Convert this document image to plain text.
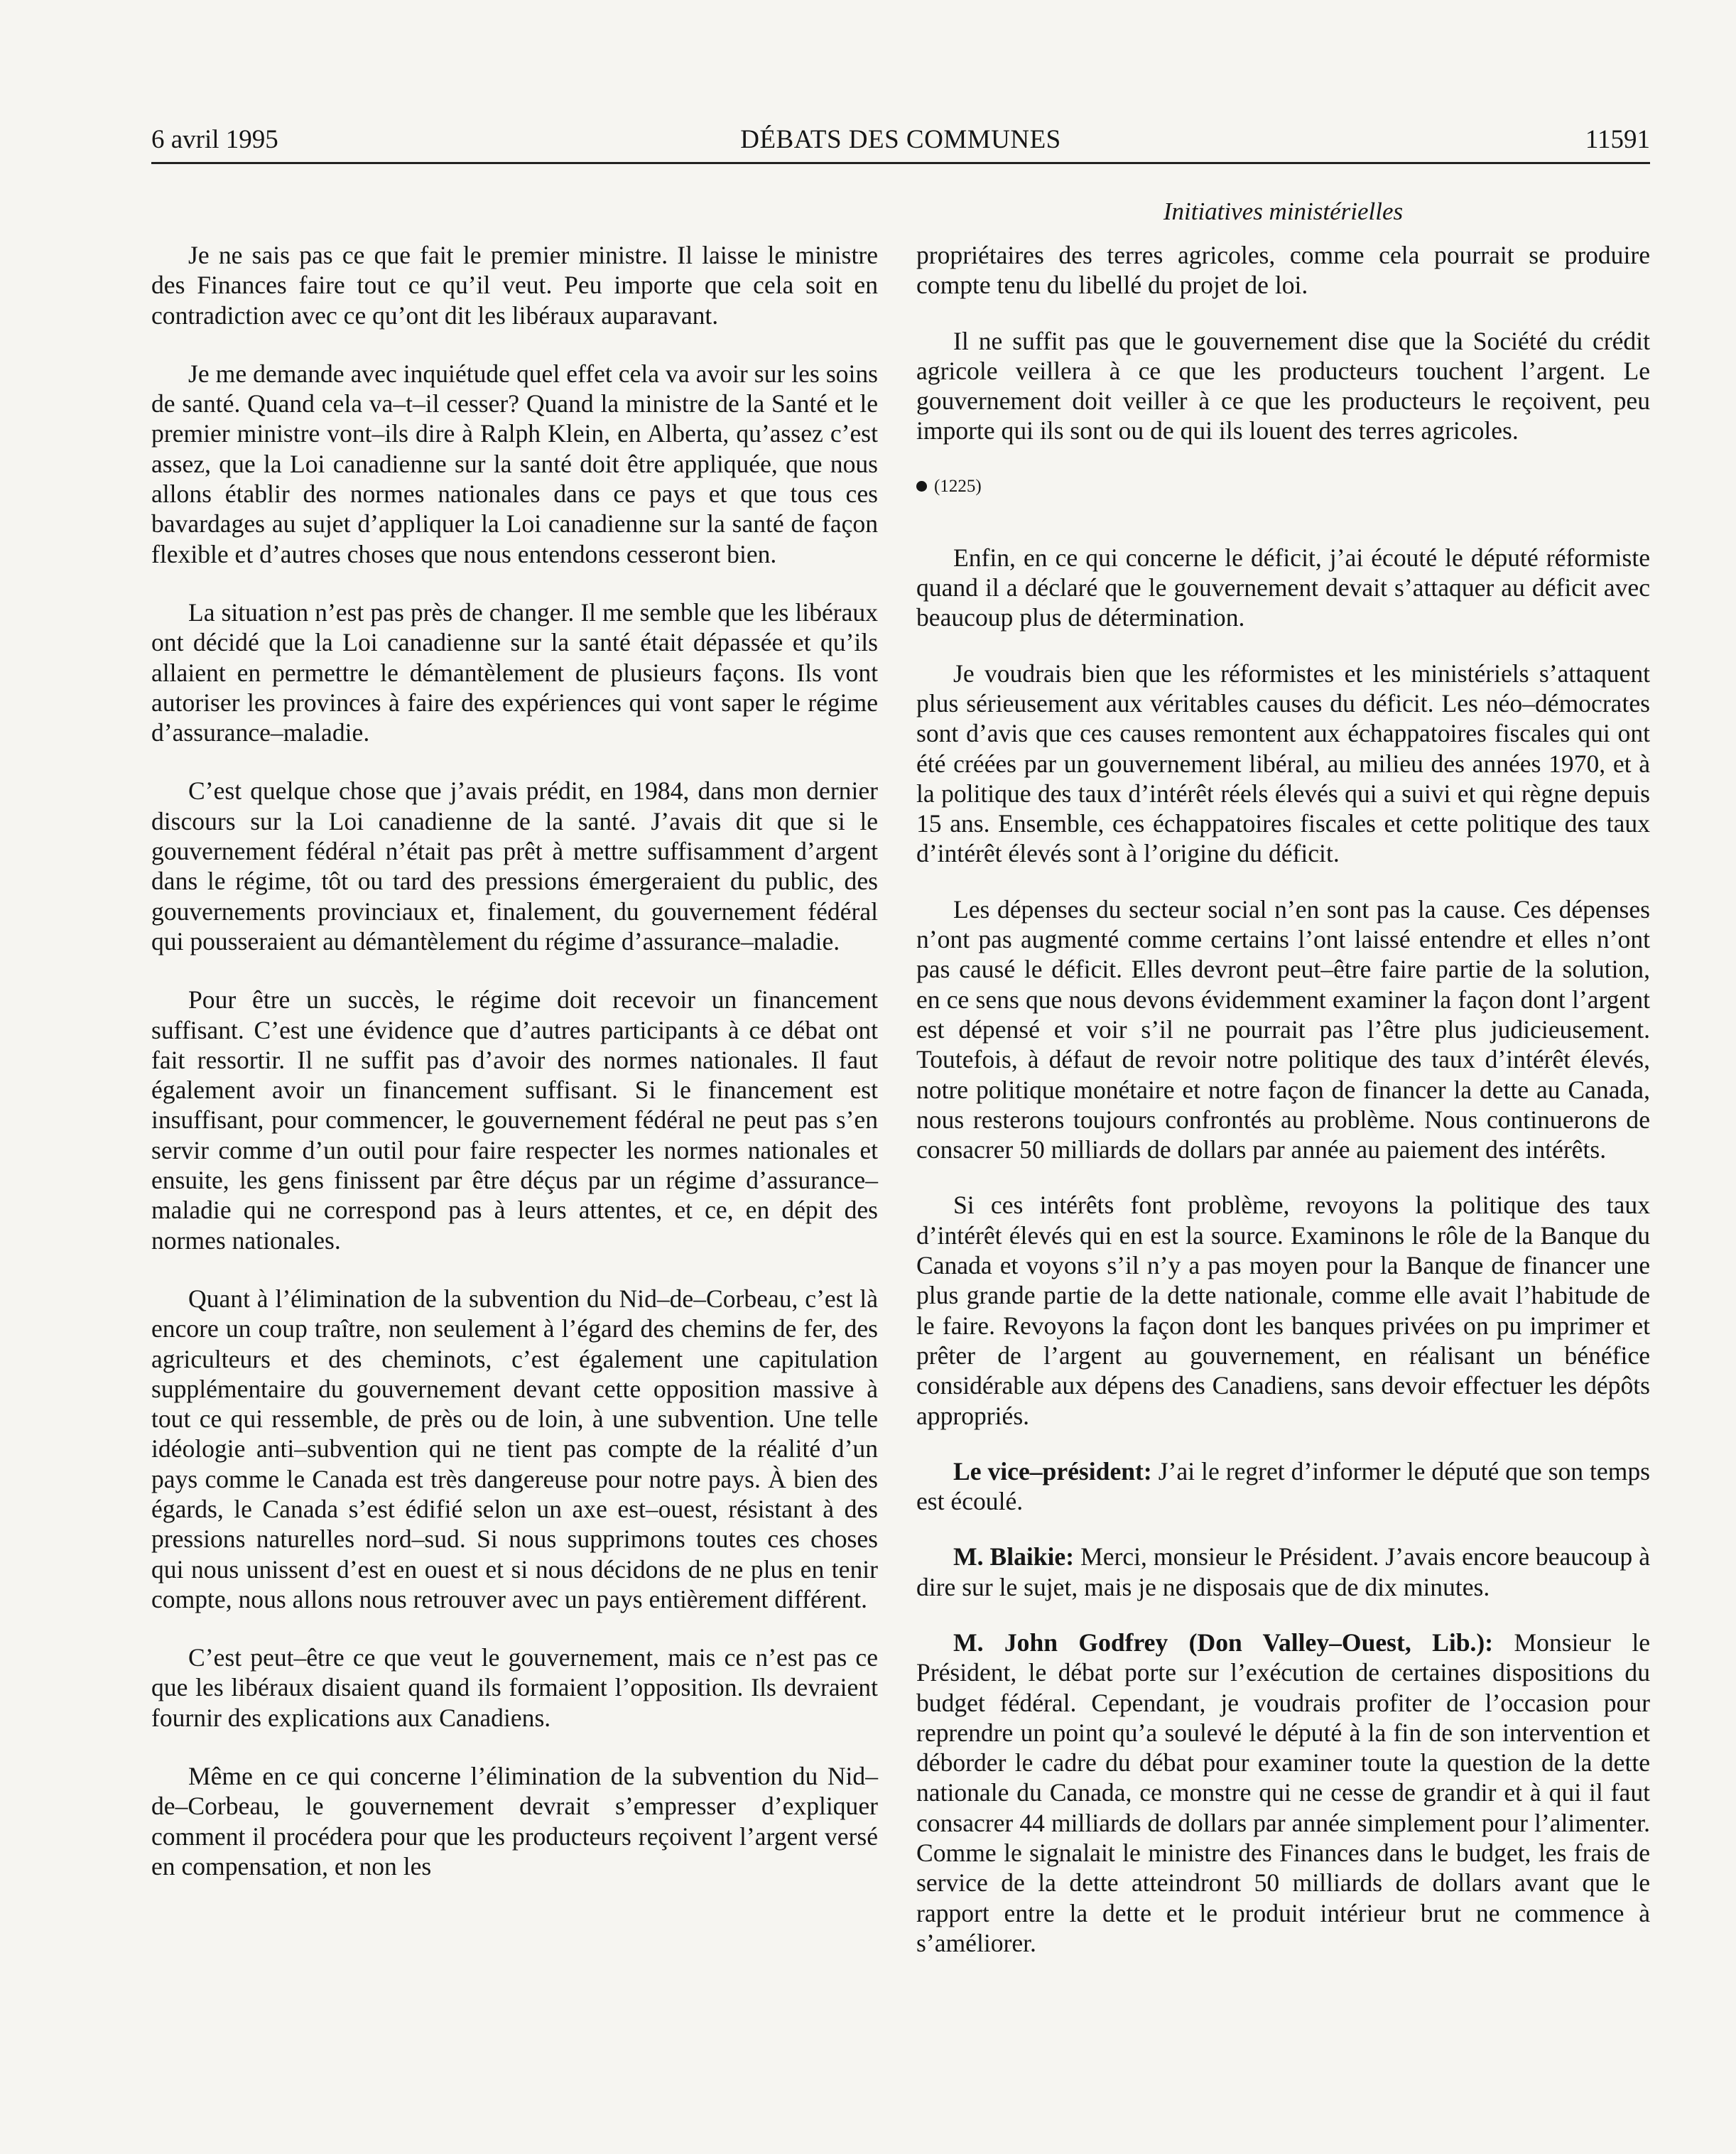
6 avril 1995	DÉBATS DES COMMUNES	11591
Initiatives ministérielles

Je ne sais pas ce que fait le premier ministre. Il laisse le ministre des Finances faire tout ce qu’il veut. Peu importe que cela soit en contradiction avec ce qu’ont dit les libéraux auparavant.

Je me demande avec inquiétude quel effet cela va avoir sur les soins de santé. Quand cela va–t–il cesser? Quand la ministre de la Santé et le premier ministre vont–ils dire à Ralph Klein, en Alberta, qu’assez c’est assez, que la Loi canadienne sur la santé doit être appliquée, que nous allons établir des normes nationales dans ce pays et que tous ces bavardages au sujet d’appliquer la Loi canadienne sur la santé de façon flexible et d’autres choses que nous entendons cesseront bien.

La situation n’est pas près de changer. Il me semble que les libéraux ont décidé que la Loi canadienne sur la santé était dépassée et qu’ils allaient en permettre le démantèlement de plusieurs façons. Ils vont autoriser les provinces à faire des expériences qui vont saper le régime d’assurance–maladie.

C’est quelque chose que j’avais prédit, en 1984, dans mon dernier discours sur la Loi canadienne de la santé. J’avais dit que si le gouvernement fédéral n’était pas prêt à mettre suffisamment d’argent dans le régime, tôt ou tard des pressions émergeraient du public, des gouvernements provinciaux et, finalement, du gouvernement fédéral qui pousseraient au démantèlement du régime d’assurance–maladie.

Pour être un succès, le régime doit recevoir un financement suffisant. C’est une évidence que d’autres participants à ce débat ont fait ressortir. Il ne suffit pas d’avoir des normes nationales. Il faut également avoir un financement suffisant. Si le financement est insuffisant, pour commencer, le gouvernement fédéral ne peut pas s’en servir comme d’un outil pour faire respecter les normes nationales et ensuite, les gens finissent par être déçus par un régime d’assurance–maladie qui ne correspond pas à leurs attentes, et ce, en dépit des normes nationales.

Quant à l’élimination de la subvention du Nid–de–Corbeau, c’est là encore un coup traître, non seulement à l’égard des chemins de fer, des agriculteurs et des cheminots, c’est également une capitulation supplémentaire du gouvernement devant cette opposition massive à tout ce qui ressemble, de près ou de loin, à une subvention. Une telle idéologie anti–subvention qui ne tient pas compte de la réalité d’un pays comme le Canada est très dangereuse pour notre pays. À bien des égards, le Canada s’est édifié selon un axe est–ouest, résistant à des pressions naturelles nord–sud. Si nous supprimons toutes ces choses qui nous unissent d’est en ouest et si nous décidons de ne plus en tenir compte, nous allons nous retrouver avec un pays entièrement différent.

C’est peut–être ce que veut le gouvernement, mais ce n’est pas ce que les libéraux disaient quand ils formaient l’opposition. Ils devraient fournir des explications aux Canadiens.

Même en ce qui concerne l’élimination de la subvention du Nid–de–Corbeau, le gouvernement devrait s’empresser d’expliquer comment il procédera pour que les producteurs reçoivent l’argent versé en compensation, et non les

propriétaires des terres agricoles, comme cela pourrait se produire compte tenu du libellé du projet de loi.

Il ne suffit pas que le gouvernement dise que la Société du crédit agricole veillera à ce que les producteurs touchent l’argent. Le gouvernement doit veiller à ce que les producteurs le reçoivent, peu importe qui ils sont ou de qui ils louent des terres agricoles.

(1225)

Enfin, en ce qui concerne le déficit, j’ai écouté le député réformiste quand il a déclaré que le gouvernement devait s’attaquer au déficit avec beaucoup plus de détermination.

Je voudrais bien que les réformistes et les ministériels s’attaquent plus sérieusement aux véritables causes du déficit. Les néo–démocrates sont d’avis que ces causes remontent aux échappatoires fiscales qui ont été créées par un gouvernement libéral, au milieu des années 1970, et à la politique des taux d’intérêt réels élevés qui a suivi et qui règne depuis 15 ans. Ensemble, ces échappatoires fiscales et cette politique des taux d’intérêt élevés sont à l’origine du déficit.

Les dépenses du secteur social n’en sont pas la cause. Ces dépenses n’ont pas augmenté comme certains l’ont laissé entendre et elles n’ont pas causé le déficit. Elles devront peut–être faire partie de la solution, en ce sens que nous devons évidemment examiner la façon dont l’argent est dépensé et voir s’il ne pourrait pas l’être plus judicieusement. Toutefois, à défaut de revoir notre politique des taux d’intérêt élevés, notre politique monétaire et notre façon de financer la dette au Canada, nous resterons toujours confrontés au problème. Nous continuerons de consacrer 50 milliards de dollars par année au paiement des intérêts.

Si ces intérêts font problème, revoyons la politique des taux d’intérêt élevés qui en est la source. Examinons le rôle de la Banque du Canada et voyons s’il n’y a pas moyen pour la Banque de financer une plus grande partie de la dette nationale, comme elle avait l’habitude de le faire. Revoyons la façon dont les banques privées on pu imprimer et prêter de l’argent au gouvernement, en réalisant un bénéfice considérable aux dépens des Canadiens, sans devoir effectuer les dépôts appropriés.

Le vice–président: J’ai le regret d’informer le député que son temps est écoulé.

M. Blaikie: Merci, monsieur le Président. J’avais encore beaucoup à dire sur le sujet, mais je ne disposais que de dix minutes.

M. John Godfrey (Don Valley–Ouest, Lib.): Monsieur le Président, le débat porte sur l’exécution de certaines dispositions du budget fédéral. Cependant, je voudrais profiter de l’occasion pour reprendre un point qu’a soulevé le député à la fin de son intervention et déborder le cadre du débat pour examiner toute la question de la dette nationale du Canada, ce monstre qui ne cesse de grandir et à qui il faut consacrer 44 milliards de dollars par année simplement pour l’alimenter. Comme le signalait le ministre des Finances dans le budget, les frais de service de la dette atteindront 50 milliards de dollars avant que le rapport entre la dette et le produit intérieur brut ne commence à s’améliorer.
